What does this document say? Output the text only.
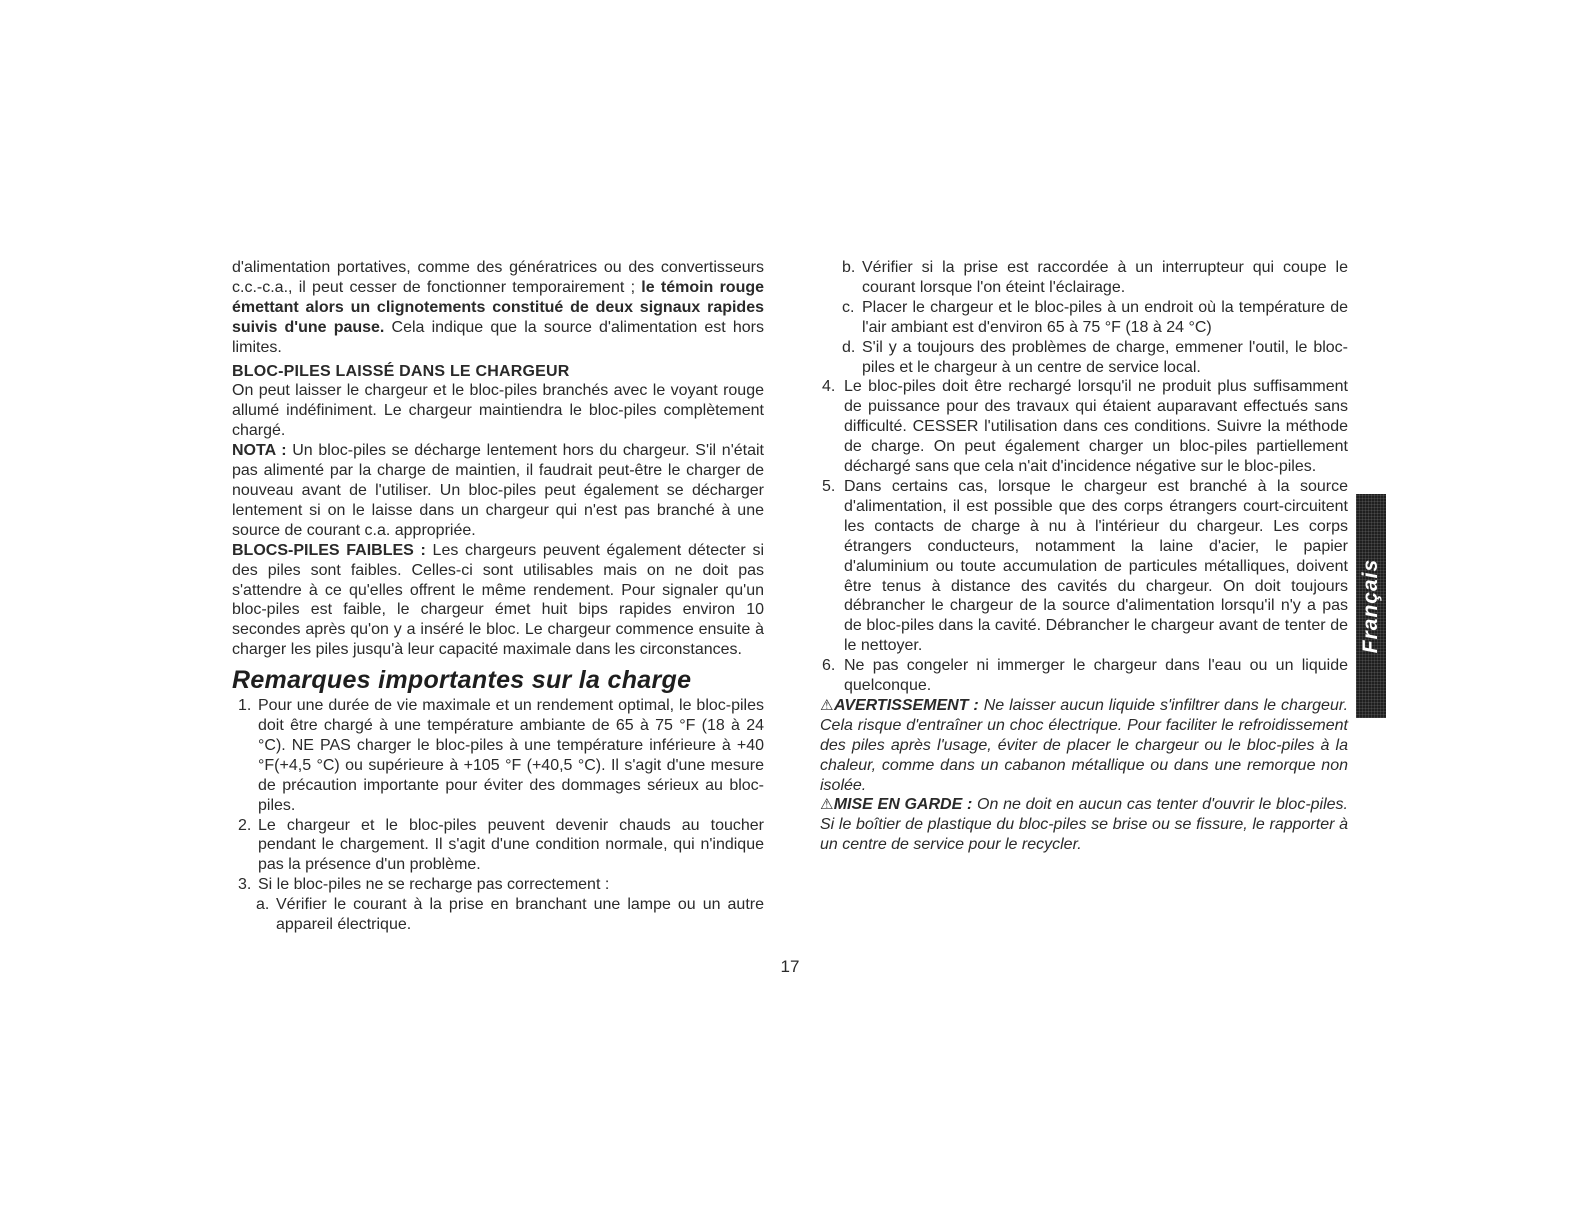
d'alimentation portatives, comme des génératrices ou des convertisseurs c.c.-c.a., il peut cesser de fonctionner temporairement ; le témoin rouge émettant alors un clignotements constitué de deux signaux rapides suivis d'une pause. Cela indique que la source d'alimentation est hors limites.

BLOC-PILES LAISSÉ DANS LE CHARGEUR

On peut laisser le chargeur et le bloc-piles branchés avec le voyant rouge allumé indéfiniment. Le chargeur maintiendra le bloc-piles complètement chargé.

NOTA : Un bloc-piles se décharge lentement hors du chargeur. S'il n'était pas alimenté par la charge de maintien, il faudrait peut-être le charger de nouveau avant de l'utiliser. Un bloc-piles peut également se décharger lentement si on le laisse dans un chargeur qui n'est pas branché à une source de courant c.a. appropriée.

BLOCS-PILES FAIBLES : Les chargeurs peuvent également détecter si des piles sont faibles. Celles-ci sont utilisables mais on ne doit pas s'attendre à ce qu'elles offrent le même rendement. Pour signaler qu'un bloc-piles est faible, le chargeur émet huit bips rapides environ 10 secondes après qu'on y a inséré le bloc. Le chargeur commence ensuite à charger les piles jusqu'à leur capacité maximale dans les circonstances.

Remarques importantes sur la charge
1. Pour une durée de vie maximale et un rendement optimal, le bloc-piles doit être chargé à une température ambiante de 65 à 75 °F (18 à 24 °C). NE PAS charger le bloc-piles à une température inférieure à +40 °F(+4,5 °C) ou supérieure à +105 °F (+40,5 °C). Il s'agit d'une mesure de précaution importante pour éviter des dommages sérieux au bloc-piles.
2. Le chargeur et le bloc-piles peuvent devenir chauds au toucher pendant le chargement. Il s'agit d'une condition normale, qui n'indique pas la présence d'un problème.
3. Si le bloc-piles ne se recharge pas correctement :
a. Vérifier le courant à la prise en branchant une lampe ou un autre appareil électrique.
b. Vérifier si la prise est raccordée à un interrupteur qui coupe le courant lorsque l'on éteint l'éclairage.
c. Placer le chargeur et le bloc-piles à un endroit où la température de l'air ambiant est d'environ 65 à 75 °F (18 à 24 °C)
d. S'il y a toujours des problèmes de charge, emmener l'outil, le bloc-piles et le chargeur à un centre de service local.
4. Le bloc-piles doit être rechargé lorsqu'il ne produit plus suffisamment de puissance pour des travaux qui étaient auparavant effectués sans difficulté. CESSER l'utilisation dans ces conditions. Suivre la méthode de charge. On peut également charger un bloc-piles partiellement déchargé sans que cela n'ait d'incidence négative sur le bloc-piles.
5. Dans certains cas, lorsque le chargeur est branché à la source d'alimentation, il est possible que des corps étrangers court-circuitent les contacts de charge à nu à l'intérieur du chargeur. Les corps étrangers conducteurs, notamment la laine d'acier, le papier d'aluminium ou toute accumulation de particules métalliques, doivent être tenus à distance des cavités du chargeur. On doit toujours débrancher le chargeur de la source d'alimentation lorsqu'il n'y a pas de bloc-piles dans la cavité. Débrancher le chargeur avant de tenter de le nettoyer.
6. Ne pas congeler ni immerger le chargeur dans l'eau ou un liquide quelconque.

⚠AVERTISSEMENT : Ne laisser aucun liquide s'infiltrer dans le chargeur. Cela risque d'entraîner un choc électrique. Pour faciliter le refroidissement des piles après l'usage, éviter de placer le chargeur ou le bloc-piles à la chaleur, comme dans un cabanon métallique ou dans une remorque non isolée.

⚠MISE EN GARDE : On ne doit en aucun cas tenter d'ouvrir le bloc-piles. Si le boîtier de plastique du bloc-piles se brise ou se fissure, le rapporter à un centre de service pour le recycler.

Français
17
